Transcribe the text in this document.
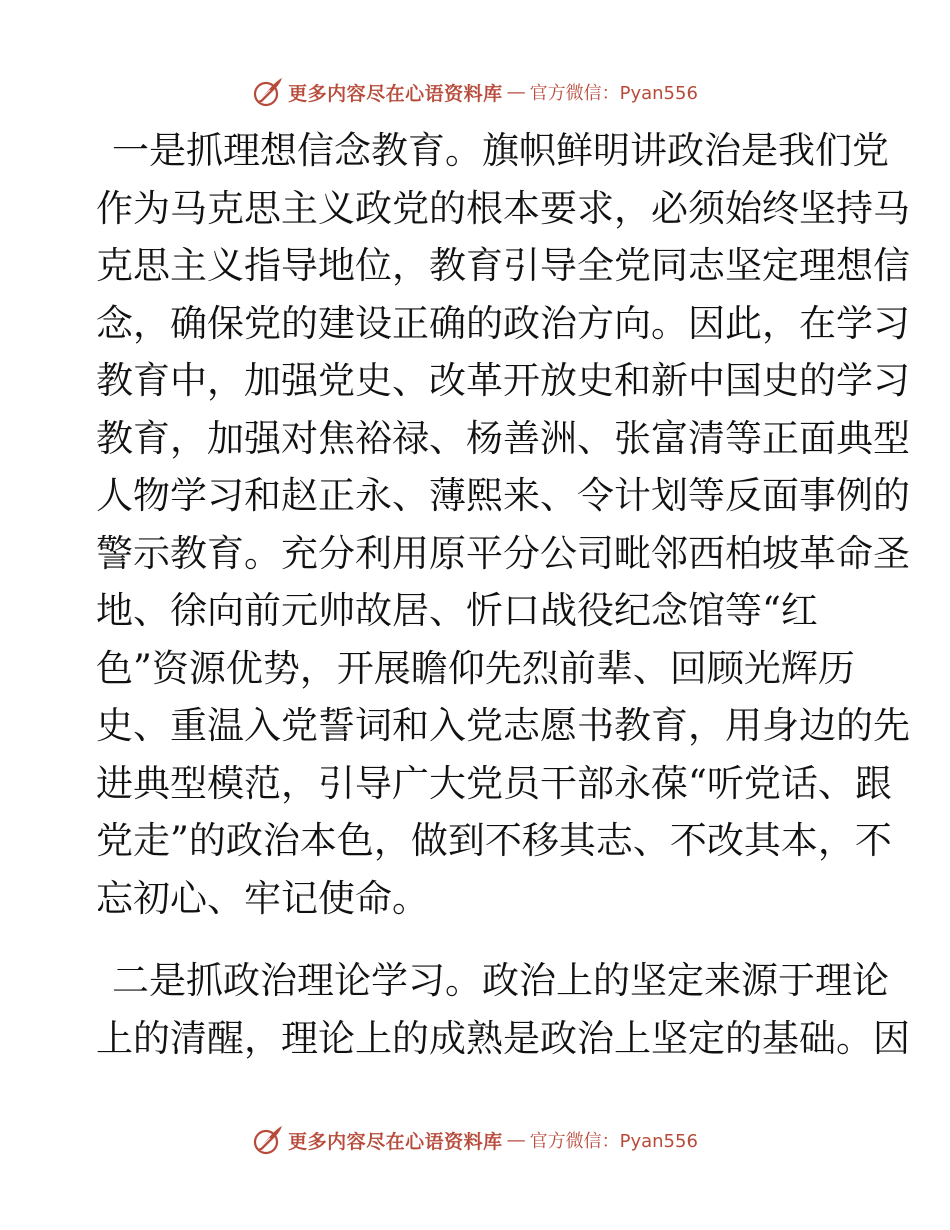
更多内容尽在心语资料库 — 官方微信：Pyan556
一是抓理想信念教育。旗帜鲜明讲政治是我们党
作为马克思主义政党的根本要求，必须始终坚持马
克思主义指导地位，教育引导全党同志坚定理想信
念，确保党的建设正确的政治方向。因此，在学习
教育中，加强党史、改革开放史和新中国史的学习
教育，加强对焦裕禄、杨善洲、张富清等正面典型
人物学习和赵正永、薄熙来、令计划等反面事例的
警示教育。充分利用原平分公司毗邻西柏坡革命圣
地、徐向前元帅故居、忻口战役纪念馆等“红
色”资源优势，开展瞻仰先烈前辈、回顾光辉历
史、重温入党誓词和入党志愿书教育，用身边的先
进典型模范，引导广大党员干部永葆“听党话、跟
党走”的政治本色，做到不移其志、不改其本，不
忘初心、牢记使命。
二是抓政治理论学习。政治上的坚定来源于理论
上的清醒，理论上的成熟是政治上坚定的基础。因
更多内容尽在心语资料库 — 官方微信：Pyan556
